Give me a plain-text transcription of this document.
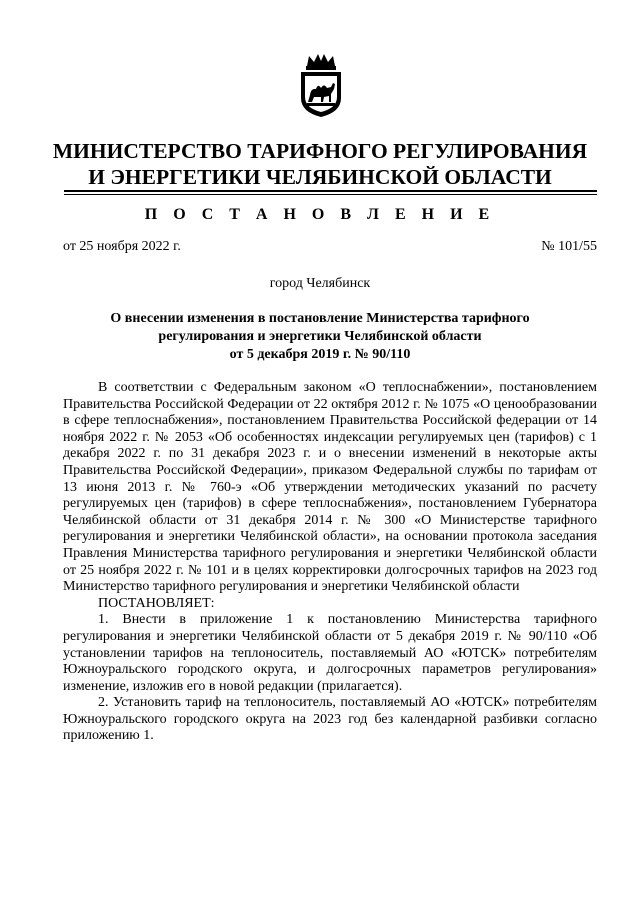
МИНИСТЕРСТВО ТАРИФНОГО РЕГУЛИРОВАНИЯ
И ЭНЕРГЕТИКИ ЧЕЛЯБИНСКОЙ ОБЛАСТИ
П О С Т А Н О В Л Е Н И Е
от 25 ноября 2022 г.	№ 101/55
город Челябинск
О внесении изменения в постановление Министерства тарифного
регулирования и энергетики Челябинской области
от 5 декабря 2019 г. № 90/110

В соответствии с Федеральным законом «О теплоснабжении», постановлением Правительства Российской Федерации от 22 октября 2012 г. № 1075 «О ценообразовании в сфере теплоснабжения», постановлением Правительства Российской федерации от 14 ноября 2022 г. № 2053 «Об особенностях индексации регулируемых цен (тарифов) с 1 декабря 2022 г. по 31 декабря 2023 г. и о внесении изменений в некоторые акты Правительства Российской Федерации», приказом Федеральной службы по тарифам от 13 июня 2013 г. № 760-э «Об утверждении методических указаний по расчету регулируемых цен (тарифов) в сфере теплоснабжения», постановлением Губернатора Челябинской области от 31 декабря 2014 г. № 300 «О Министерстве тарифного регулирования и энергетики Челябинской области», на основании протокола заседания Правления Министерства тарифного регулирования и энергетики Челябинской области от 25 ноября 2022 г. № 101 и в целях корректировки долгосрочных тарифов на 2023 год Министерство тарифного регулирования и энергетики Челябинской области

ПОСТАНОВЛЯЕТ:

1. Внести в приложение 1 к постановлению Министерства тарифного регулирования и энергетики Челябинской области от 5 декабря 2019 г. № 90/110 «Об установлении тарифов на теплоноситель, поставляемый АО «ЮТСК» потребителям Южноуральского городского округа, и долгосрочных параметров регулирования» изменение, изложив его в новой редакции (прилагается).

2. Установить тариф на теплоноситель, поставляемый АО «ЮТСК» потребителям Южноуральского городского округа на 2023 год без календарной разбивки согласно приложению 1.
